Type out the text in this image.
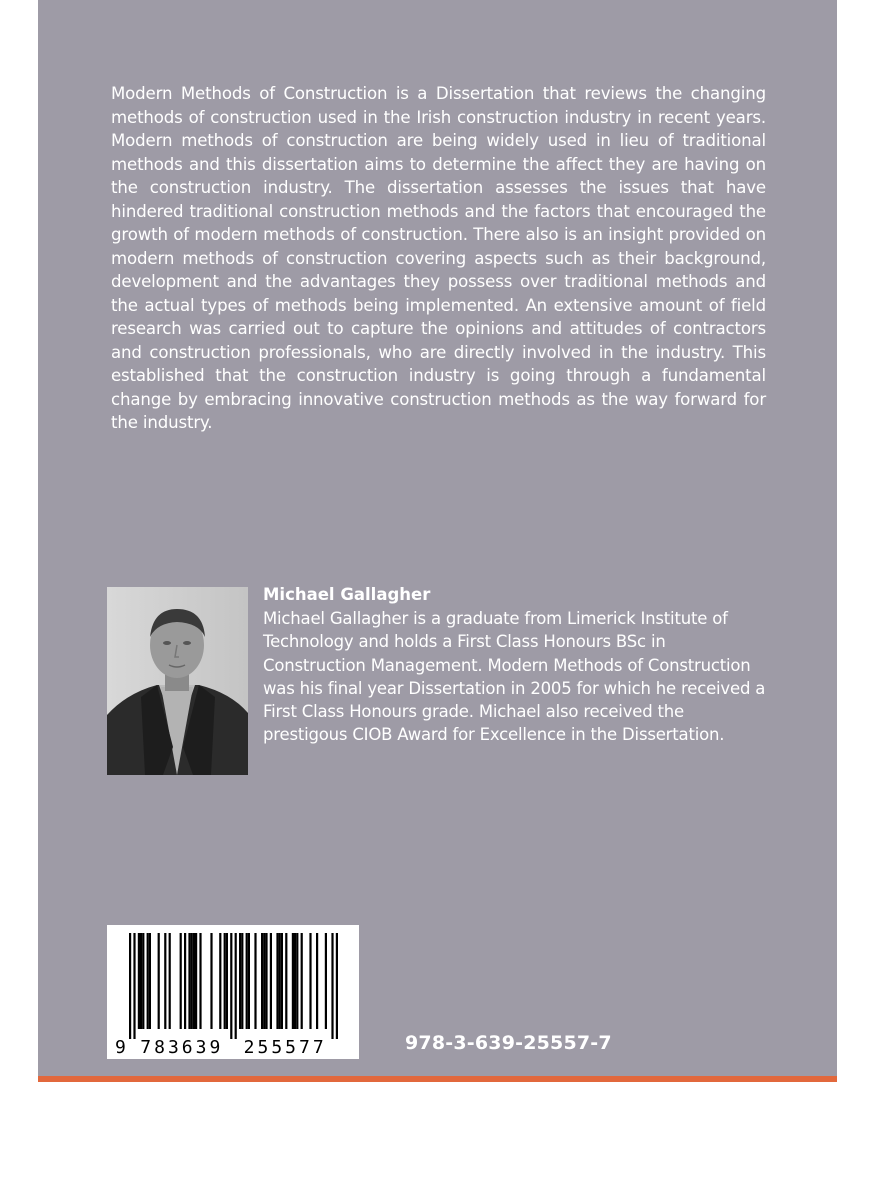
Modern Methods of Construction is a Dissertation that reviews the changing methods of construction used in the Irish construction industry in recent years. Modern methods of construction are being widely used in lieu of traditional methods and this dissertation aims to determine the affect they are having on the construction industry. The dissertation assesses the issues that have hindered traditional construction methods and the factors that encouraged the growth of modern methods of construction. There also is an insight provided on modern methods of construction covering aspects such as their background, development and the advantages they possess over traditional methods and the actual types of methods being implemented. An extensive amount of field research was carried out to capture the opinions and attitudes of contractors and construction professionals, who are directly involved in the industry. This established that the construction industry is going through a fundamental change by embracing innovative construction methods as the way forward for the industry.

Michael Gallagher

Michael Gallagher is a graduate from Limerick Institute of Technology and holds a First Class Honours BSc in Construction Management. Modern Methods of Construction was his final year Dissertation in 2005 for which he received a First Class Honours grade. Michael also received the prestigous CIOB Award for Excellence in the Dissertation.

9 783639 255577	978-3-639-25557-7
